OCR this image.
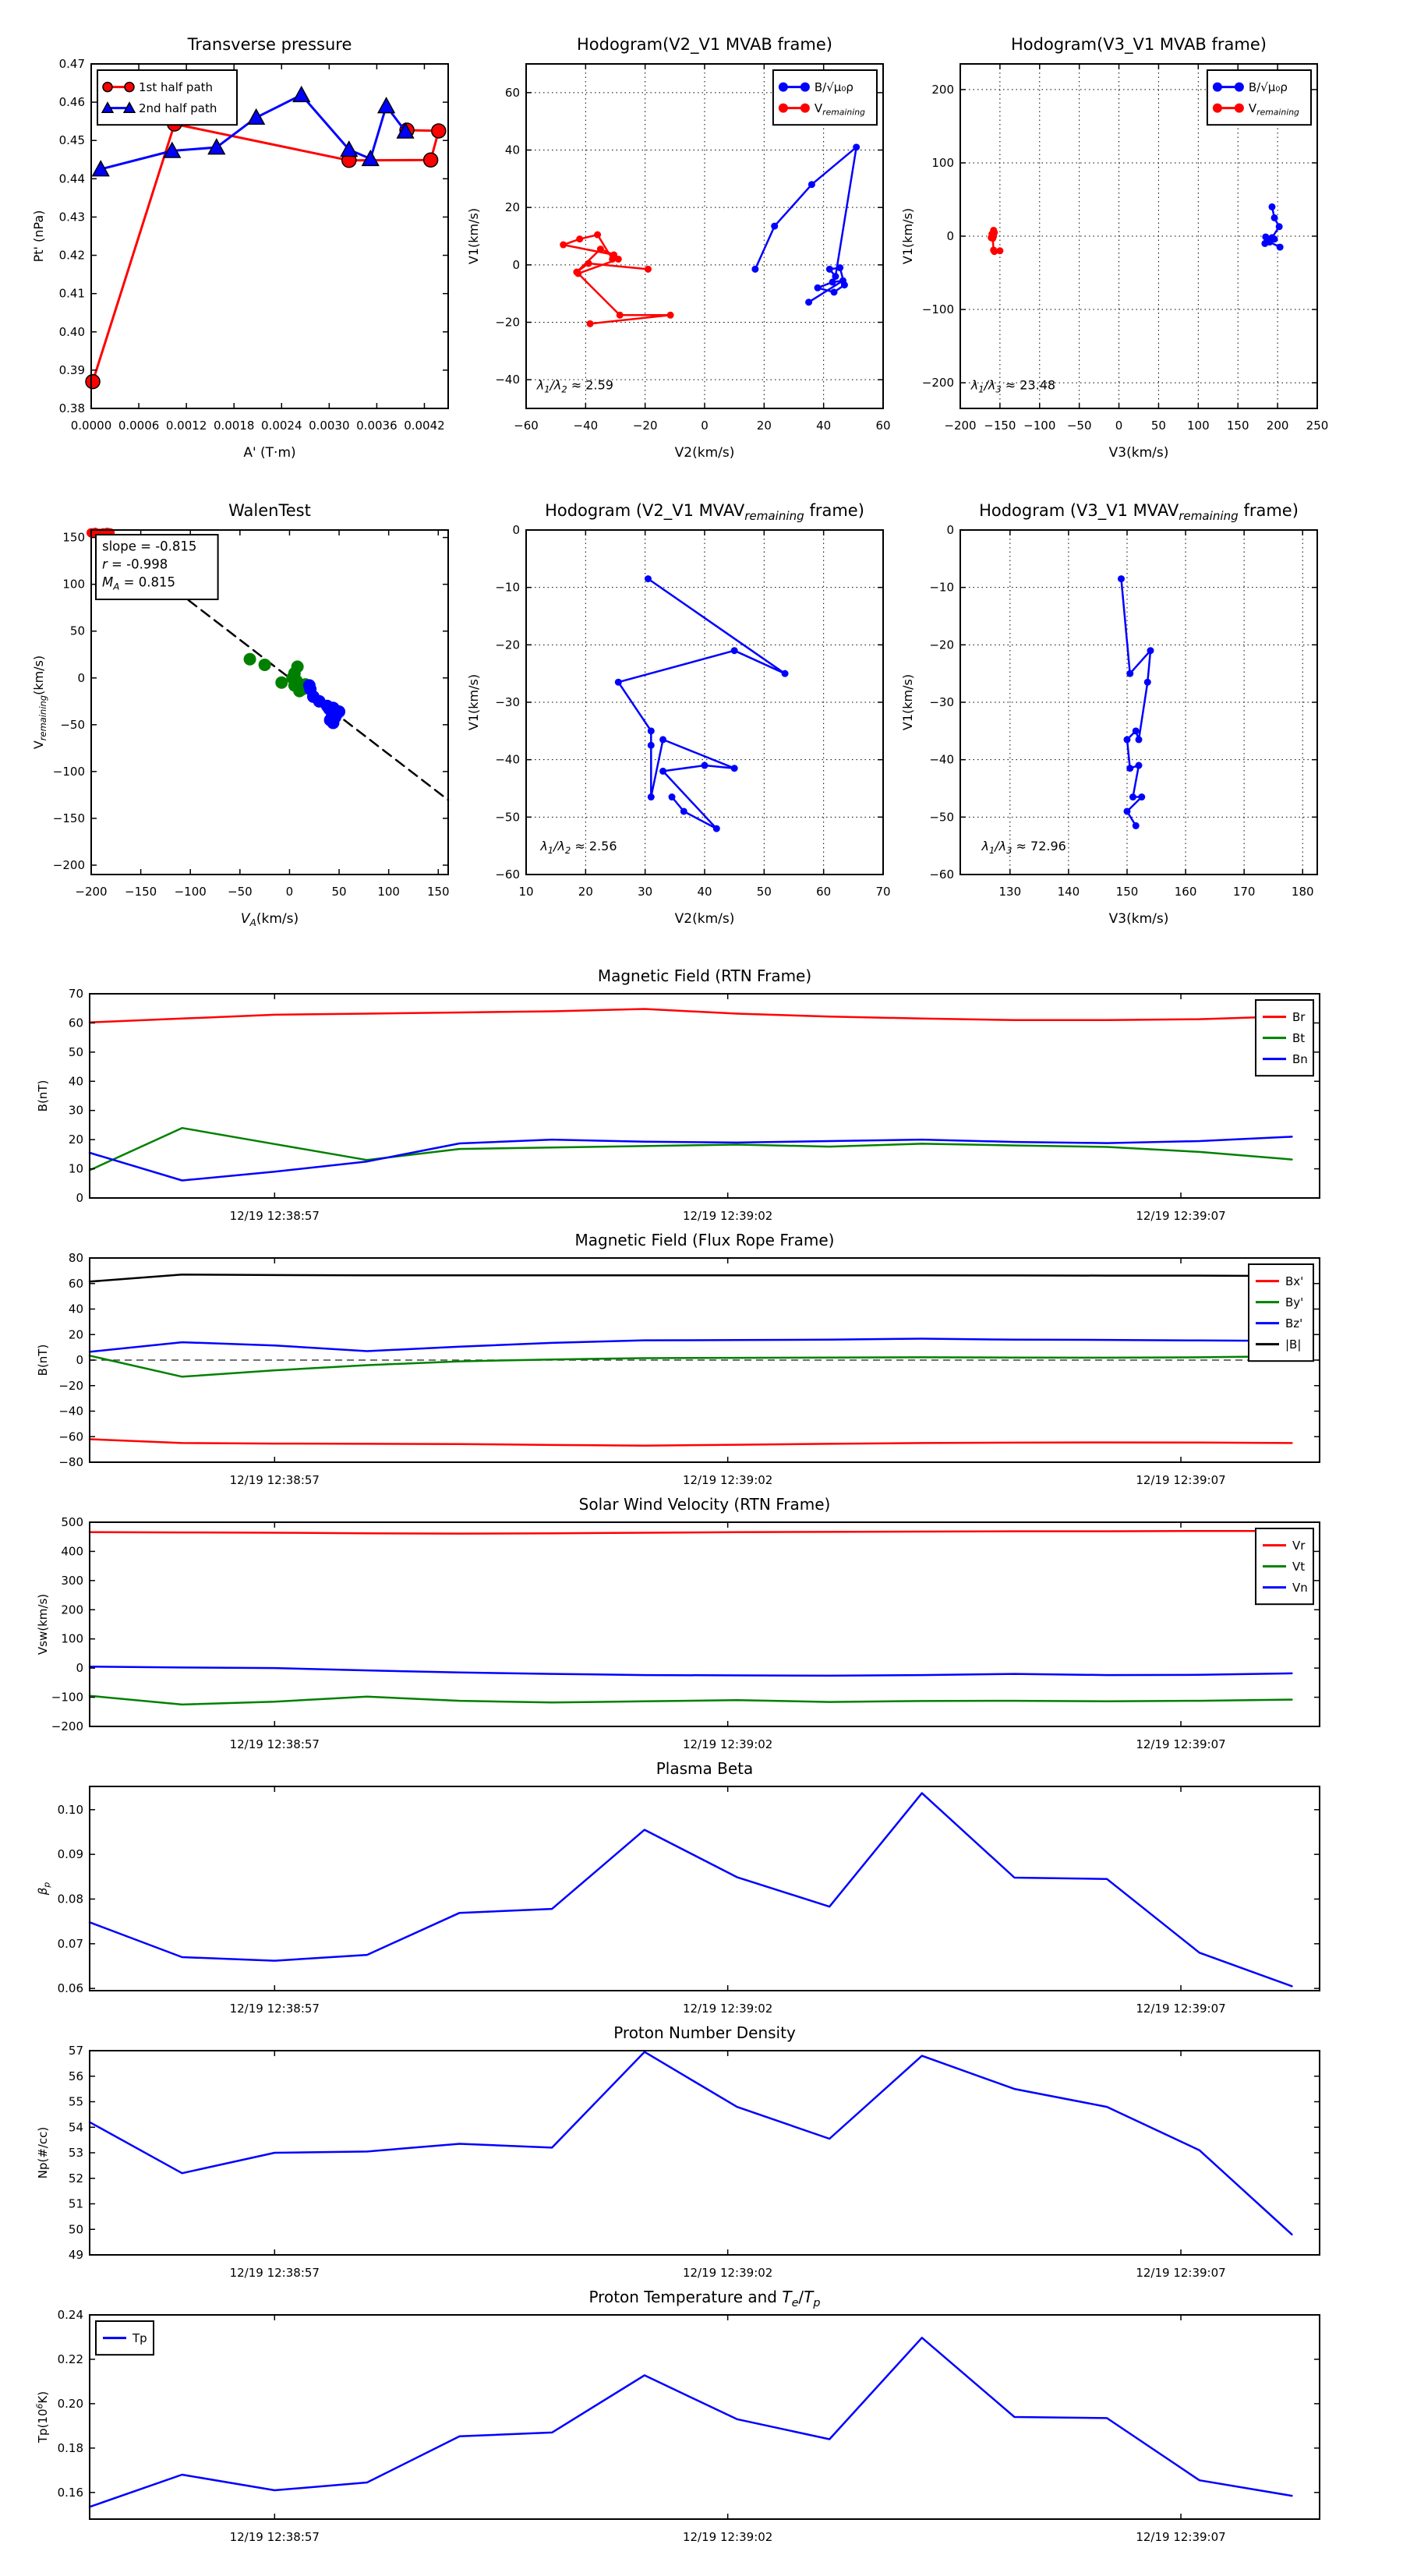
0.0000 0.0006 0.0012 0.0018 0.0024 0.0030 0.0036 0.0042
0.38
0.39
0.40
0.41
0.42
0.43
0.44
0.45
0.46
0.47
Transverse pressure
A' (T·m)
Pt' (nPa)
1st half path
2nd half path
−60	−40	−20	0	20	40	60
−40
−20
0
20
40
60
Hodogram(V2_V1 MVAB frame)
V2(km/s)
V1(km/s)
$\lambda_1/\lambda_2 \approx 2.59$
B/√μ₀ρ
$V_{remaining}$
−200 −150 −100 −50 0 50 100 150 200 250
−200
−100
0
100
200
Hodogram(V3_V1 MVAB frame)
V3(km/s)
V1(km/s)
$\lambda_1/\lambda_3 \approx 23.48$
B/√μ₀ρ
$V_{remaining}$
−200 −150 −100 −50	0	50	100 150
−200
−150
−100
−50
0
50
100
150
WalenTest
$V_A(km/s)$
$V_{remaining}(km/s)$
slope = -0.815
r = -0.998
$M_A = 0.815$
10	20	30	40	50	60	70
−60
−50
−40
−30
−20
−10
0
Hodogram (V2_V1 $MVAV_{remaining}$ frame)
V2(km/s)
V1(km/s)
$\lambda_1/\lambda_2 \approx 2.56$
130	140	150	160	170	180
−60
−50
−40
−30
−20
−10
0
Hodogram (V3_V1 $MVAV_{remaining}$ frame)
V3(km/s)
V1(km/s)
$\lambda_1/\lambda_3 \approx 72.96$
12/19 12:38:57	12/19 12:39:02	12/19 12:39:07
0
10
20
30
40
50
60
70
Magnetic Field (RTN Frame)
B(nT)
Br
Bt
Bn
12/19 12:38:57	12/19 12:39:02	12/19 12:39:07
−80
−60
−40
−20
0
20
40
60
80
Magnetic Field (Flux Rope Frame)
B(nT)
Bx'
By'
Bz'
|B|
12/19 12:38:57	12/19 12:39:02	12/19 12:39:07
−200
−100
0
100
200
300
400
500
Solar Wind Velocity (RTN Frame)
Vsw(km/s)
Vr
Vt
Vn
12/19 12:38:57	12/19 12:39:02	12/19 12:39:07
0.06
0.07
0.08
0.09
0.10
Plasma Beta
$\beta_p$
12/19 12:38:57	12/19 12:39:02	12/19 12:39:07
49
50
51
52
53
54
55
56
57
Proton Number Density
Np(#/cc)
12/19 12:38:57	12/19 12:39:02	12/19 12:39:07
0.16
0.18
0.20
0.22
0.24
Proton Temperature and $T_e/T_p$
$Tp(10^6K)$
Tp
